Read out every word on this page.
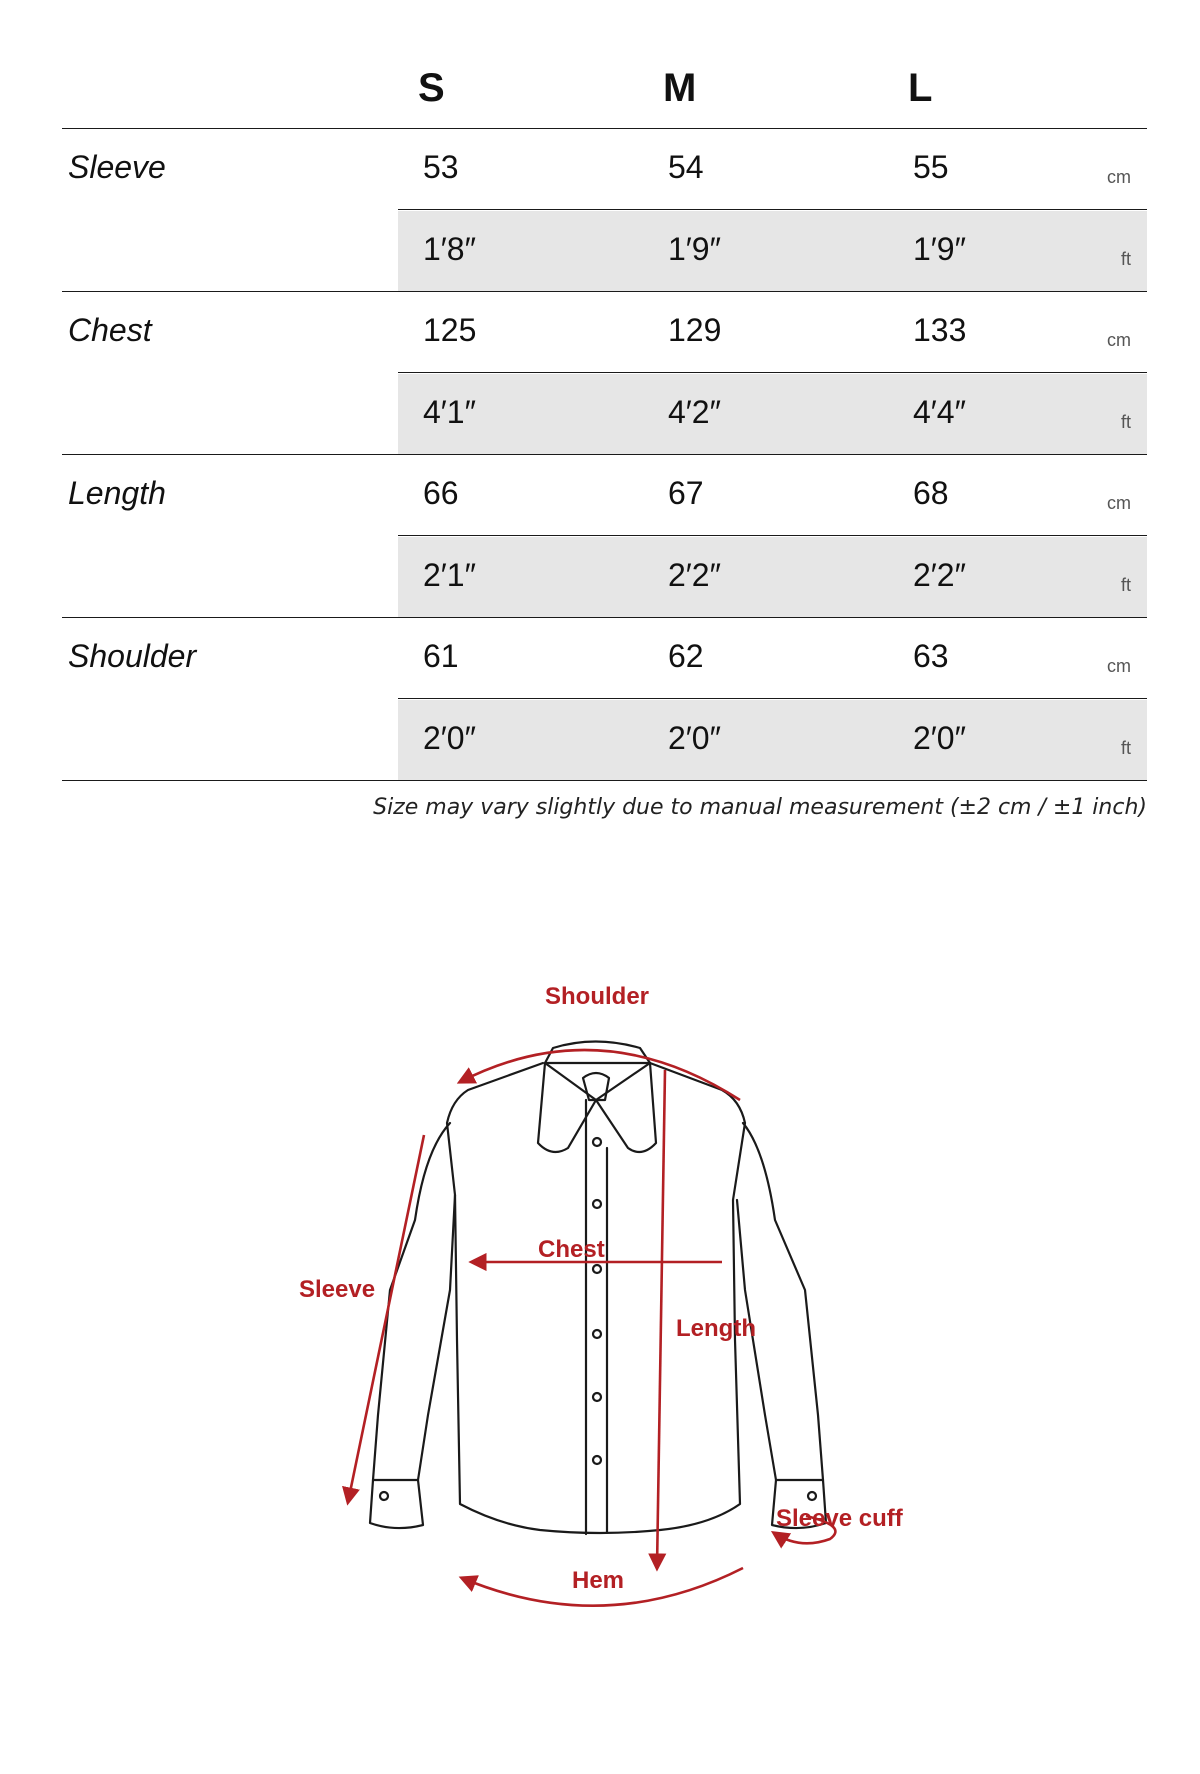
S	M	L
Sleeve	53	54	55	cm
1′8″	1′9″	1′9″	ft
Chest	125	129	133	cm
4′1″	4′2″	4′4″	ft
Length	66	67	68	cm
2′1″	2′2″	2′2″	ft
Shoulder	61	62	63	cm
2′0″	2′0″	2′0″	ft
Size may vary slightly due to manual measurement (±2 cm / ±1 inch)
Shoulder
Chest
Sleeve
Length
Sleeve cuff
Hem
